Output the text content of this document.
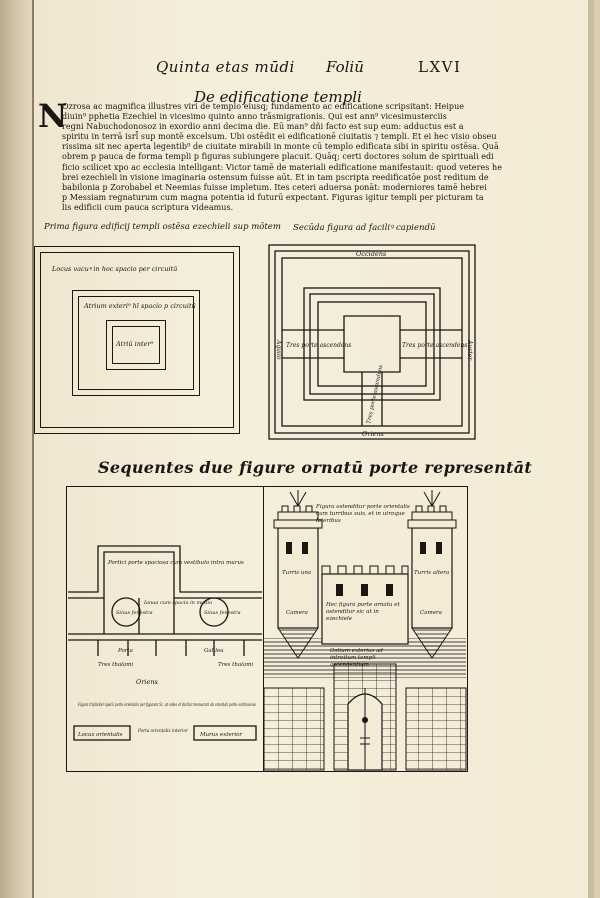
Quinta etas mūdi Foliū	LXVI
De edificatione templi
N
Ozrosa ac magnifica illustres viri de templo eiusq; fundamento ac edificatione scripsitant: Heipue
diuin⁹ pphetia Ezechiel in vicesimo quinto anno trāsmigrationis. Qui est ann⁹ vicesimusterciis
regni Nabuchodonosoz in exordio anni decima die. Eū man⁹ dñi facto est sup eum: adductus est a
spiritu in terrā isrl̄ sup montē excelsum. Ubi ostēdit ei edificationē ciuitatis ⁊ templi. Et ei hec visio obseu
rissima sit nec aperta legentib⁹ de ciuitate mirabili in monte cū templo edificata sibi in spiritu ostēsa. Quā
obrem p pauca de forma templi p figuras subiungere placuit. Quāq; certi doctores solum de spirituali edi
ficio scilicet xpo ac ecclesia intelligant: Victor tamē de materiali edificatione manifestauit: quod veteres he
brei ezechieli in visione imaginaria ostensum fuisse aūt. Et in tam pscripta reedificatōe post reditum de
babilonia p Zorobabel et Neemias fuisse impletum. Ites ceteri aduersa ponāt: moderniores tamē hebrei
p Messiam regnaturum cum magna potentia id futurū expectant. Figuras igitur templi per picturam ta
lis edificii cum pauca scriptura videamus.
Prima figura edificij templi ostēsa ezechieli sup mōtem Secūda figura ad faciliꝰ capiendū
Locus vacuꝰ in hoc spacio per circuitū
Atrium exteri⁹ hī spacio p circuitū
Atriū inter⁹
Occidens
Oriens
Aquilo	Auster
Tres porte ascendens	Tres porte ascendens
Tres porte ascendens
Sequentes due figure ornatū porte representāt
Portici porte spaciosa cum vestibulo intra murus
Sinus fenestra	Sinus fenestra
Ianua cum spacio in medio
Porta	Galilea
Tres thalami	Tres thalami
Oriens
Figura tripliciter spacii porte orientalis per figuram Sz. ut vides et dicitur mensurari ab orientali parte extrinsecus
Locus orientalis
Porta orientalis interior
Murus exterior
Figura ostenditur porte orientalis cum turribus suis, et in utroque lateribus
Turris una	Turris altera
Hec figura porte ornatu et ostenditur sic ut in ezechiele
Camera	Camera
Ostium exterius ad introitum templi ascendentium
